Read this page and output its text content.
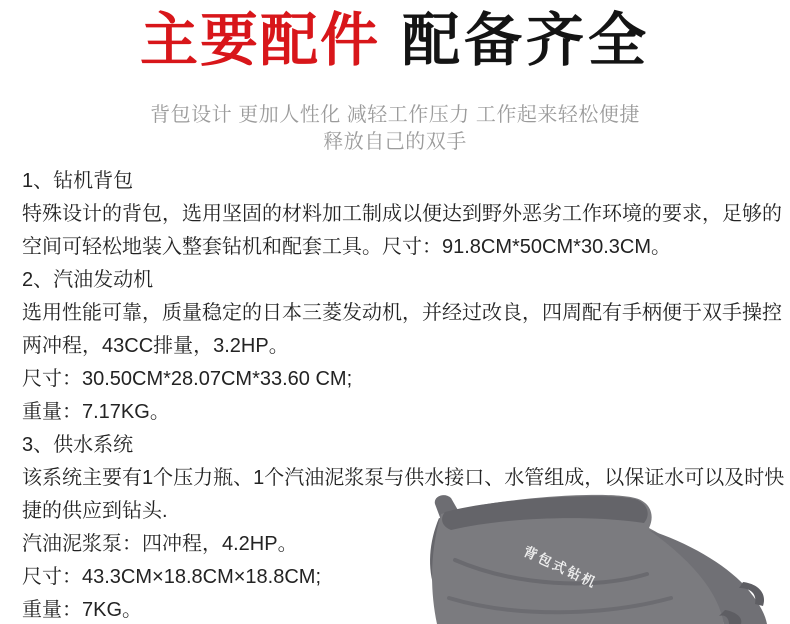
主要配件 配备齐全
背包设计 更加人性化 减轻工作压力 工作起来轻松便捷
释放自己的双手
1、钻机背包
特殊设计的背包，选用坚固的材料加工制成以便达到野外恶劣工作环境的要求，足够的
空间可轻松地装入整套钻机和配套工具。尺寸：91.8CM*50CM*30.3CM。
2、汽油发动机
选用性能可靠，质量稳定的日本三菱发动机，并经过改良，四周配有手柄便于双手操控
两冲程，43CC排量，3.2HP。
尺寸：30.50CM*28.07CM*33.60 CM;
重量：7.17KG。
3、供水系统
该系统主要有1个压力瓶、1个汽油泥浆泵与供水接口、水管组成，以保证水可以及时快
捷的供应到钻头.
汽油泥浆泵：四冲程，4.2HP。
尺寸：43.3CM×18.8CM×18.8CM;
重量：7KG。
背包式钻机
